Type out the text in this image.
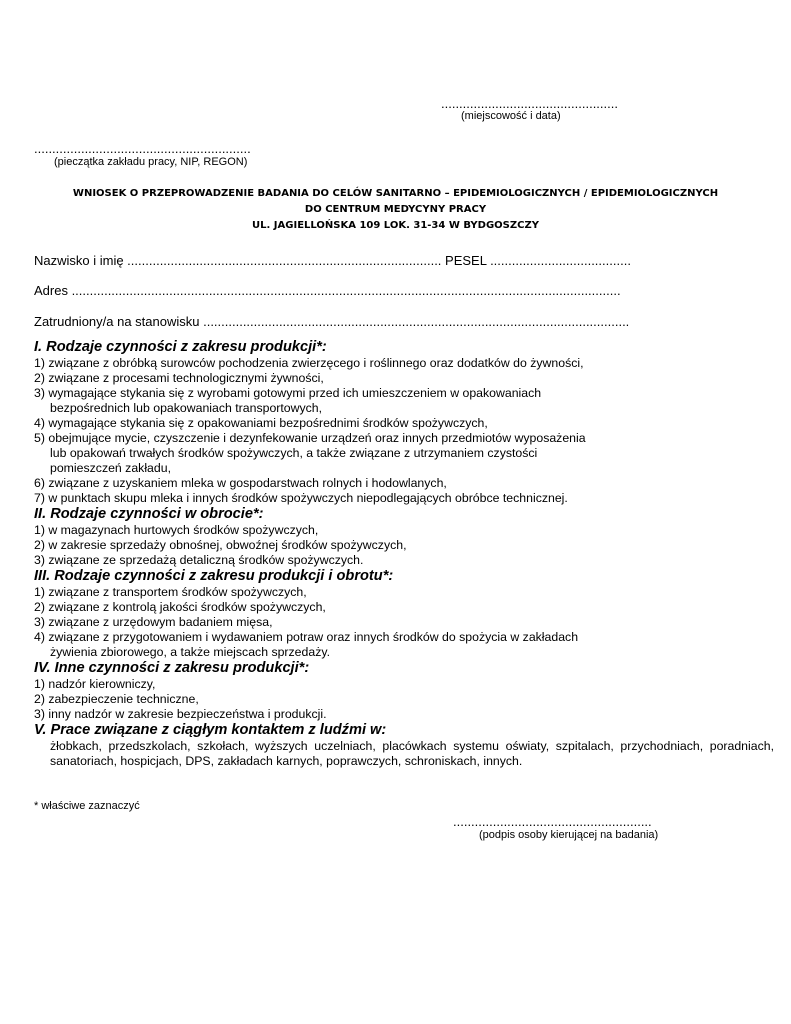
.................................................
(miejscowość i data)
............................................................
(pieczątka zakładu pracy, NIP, REGON)
WNIOSEK O PRZEPROWADZENIE BADANIA DO CELÓW SANITARNO – EPIDEMIOLOGICZNYCH / EPIDEMIOLOGICZNYCH
DO CENTRUM MEDYCYNY PRACY
UL. JAGIELLOŃSKA 109 LOK. 31-34 W BYDGOSZCZY
Nazwisko i imię ....................................................................................... PESEL .......................................
Adres ........................................................................................................................................................
Zatrudniony/a na stanowisku ......................................................................................................................
I. Rodzaje czynności z zakresu produkcji*:
1) związane z obróbką surowców pochodzenia zwierzęcego i roślinnego oraz dodatków do żywności,
2) związane z procesami technologicznymi żywności,
3) wymagające stykania się z wyrobami gotowymi przed ich umieszczeniem w opakowaniach
bezpośrednich lub opakowaniach transportowych,
4) wymagające stykania się z opakowaniami bezpośrednimi środków spożywczych,
5) obejmujące mycie, czyszczenie i dezynfekowanie urządzeń oraz innych przedmiotów wyposażenia
lub opakowań trwałych środków spożywczych, a także związane z utrzymaniem czystości
pomieszczeń zakładu,
6) związane z uzyskaniem mleka w gospodarstwach rolnych i hodowlanych,
7) w punktach skupu mleka i innych środków spożywczych niepodlegających obróbce technicznej.
II. Rodzaje czynności w obrocie*:
1) w magazynach hurtowych środków spożywczych,
2) w zakresie sprzedaży obnośnej, obwoźnej środków spożywczych,
3) związane ze sprzedażą detaliczną środków spożywczych.
III. Rodzaje czynności z zakresu produkcji i obrotu*:
1) związane z transportem środków spożywczych,
2) związane z kontrolą jakości środków spożywczych,
3) związane z urzędowym badaniem mięsa,
4) związane z przygotowaniem i wydawaniem potraw oraz innych środków do spożycia w zakładach
żywienia zbiorowego, a także miejscach sprzedaży.
IV. Inne czynności z zakresu produkcji*:
1) nadzór kierowniczy,
2) zabezpieczenie techniczne,
3) inny nadzór w zakresie bezpieczeństwa i produkcji.
V. Prace związane z ciągłym kontaktem z ludźmi w:
żłobkach, przedszkolach, szkołach, wyższych uczelniach, placówkach systemu oświaty, szpitalach, przychodniach, poradniach, sanatoriach, hospicjach, DPS, zakładach karnych, poprawczych, schroniskach, innych.
* właściwe zaznaczyć
.......................................................
(podpis osoby kierującej na badania)
